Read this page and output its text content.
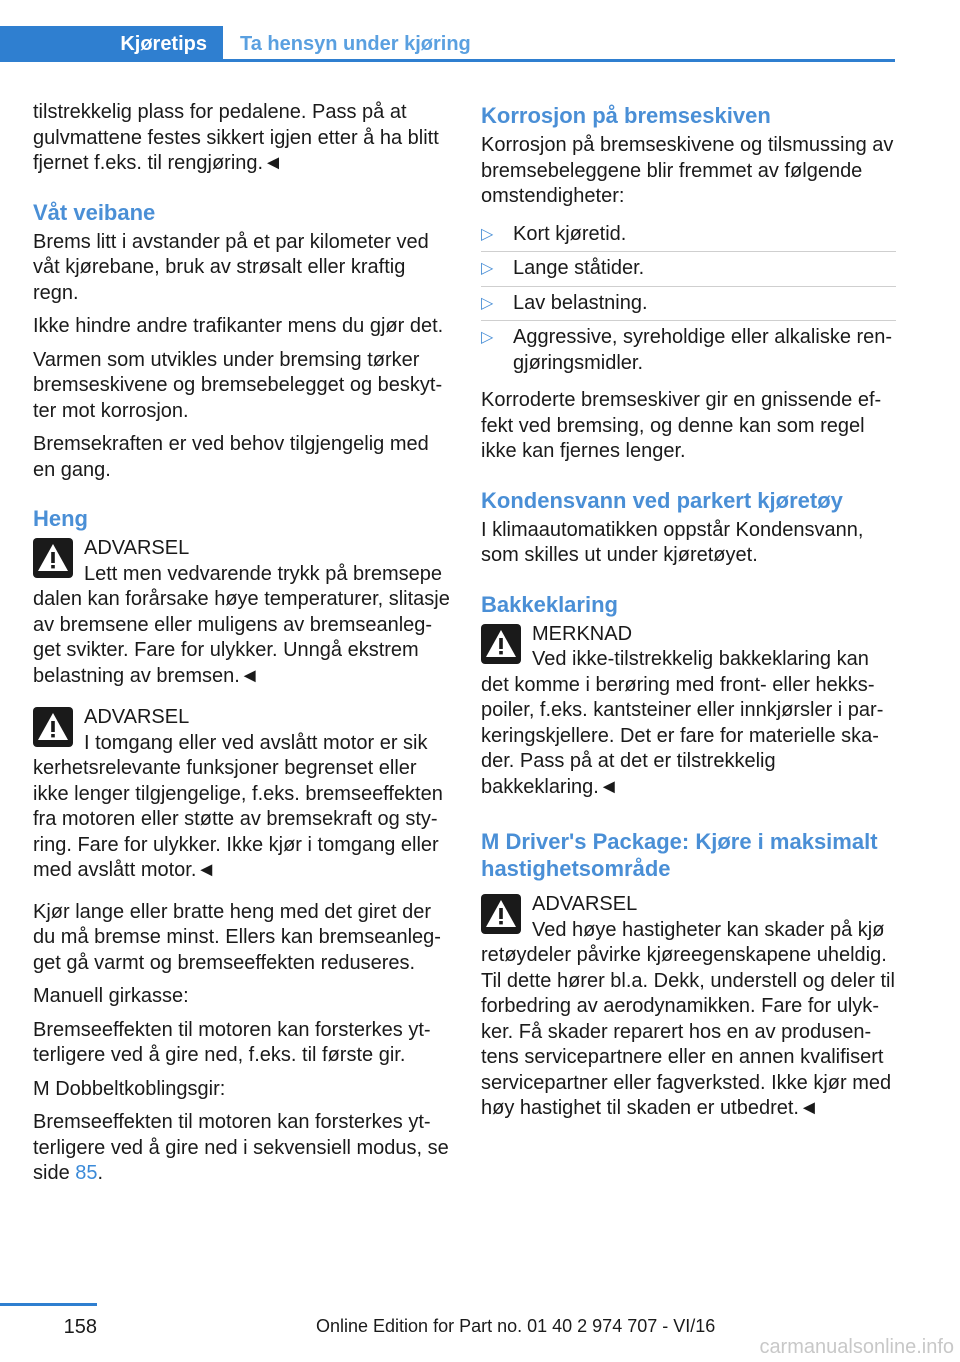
Kjøretips	Ta hensyn under kjøring

tilstrekkelig plass for pedalene. Pass på at gulvmattene festes sikkert igjen etter å ha blitt fjernet f.eks. til rengjøring.◄

Våt veibane

Brems litt i avstander på et par kilometer ved våt kjørebane, bruk av strøsalt eller kraftig regn.

Ikke hindre andre trafikanter mens du gjør det.

Varmen som utvikles under bremsing tørker bremseskivene og bremsebelegget og beskytter mot korrosjon.

Bremsekraften er ved behov tilgjengelig med en gang.

Heng
ADVARSEL
Lett men vedvarende trykk på bremsepe
dalen kan forårsake høye temperaturer, slitasje av bremsene eller muligens av bremseanlegget svikter. Fare for ulykker. Unngå ekstrem belastning av bremsen.◄
ADVARSEL
I tomgang eller ved avslått motor er sik
kerhetsrelevante funksjoner begrenset eller ikke lenger tilgjengelige, f.eks. bremseeffekten fra motoren eller støtte av bremsekraft og styring. Fare for ulykker. Ikke kjør i tomgang eller med avslått motor.◄

Kjør lange eller bratte heng med det giret der du må bremse minst. Ellers kan bremseanlegget gå varmt og bremseeffekten reduseres.

Manuell girkasse:

Bremseeffekten til motoren kan forsterkes ytterligere ved å gire ned, f.eks. til første gir.

M Dobbeltkoblingsgir:

Bremseeffekten til motoren kan forsterkes ytterligere ved å gire ned i sekvensiell modus, se side 85.

Korrosjon på bremseskiven

Korrosjon på bremseskivene og tilsmussing av bremsebeleggene blir fremmet av følgende omstendigheter:

▷ Kort kjøretid.
▷ Lange ståtider.
▷ Lav belastning.
▷ Aggressive, syreholdige eller alkaliske rengjøringsmidler.

Korroderte bremseskiver gir en gnissende effekt ved bremsing, og denne kan som regel ikke kan fjernes lenger.

Kondensvann ved parkert kjøretøy

I klimaautomatikken oppstår Kondensvann, som skilles ut under kjøretøyet.

Bakkeklaring
MERKNAD
Ved ikke-tilstrekkelig bakkeklaring kan
det komme i berøring med front- eller hekkspoiler, f.eks. kantsteiner eller innkjørsler i parkeringskjellere. Det er fare for materielle skader. Pass på at det er tilstrekkelig bakkeklaring.◄
M Driver's Package: Kjøre i maksimalt hastighetsområde
ADVARSEL
Ved høye hastigheter kan skader på kjø
retøydeler påvirke kjøreegenskapene uheldig. Til dette hører bl.a. Dekk, understell og deler til forbedring av aerodynamikken. Fare for ulykker. Få skader reparert hos en av produsentens servicepartnere eller en annen kvalifisert servicepartner eller fagverksted. Ikke kjør med høy hastighet til skaden er utbedret.◄
158	Online Edition for Part no. 01 40 2 974 707 - VI/16
carmanualsonline.info
